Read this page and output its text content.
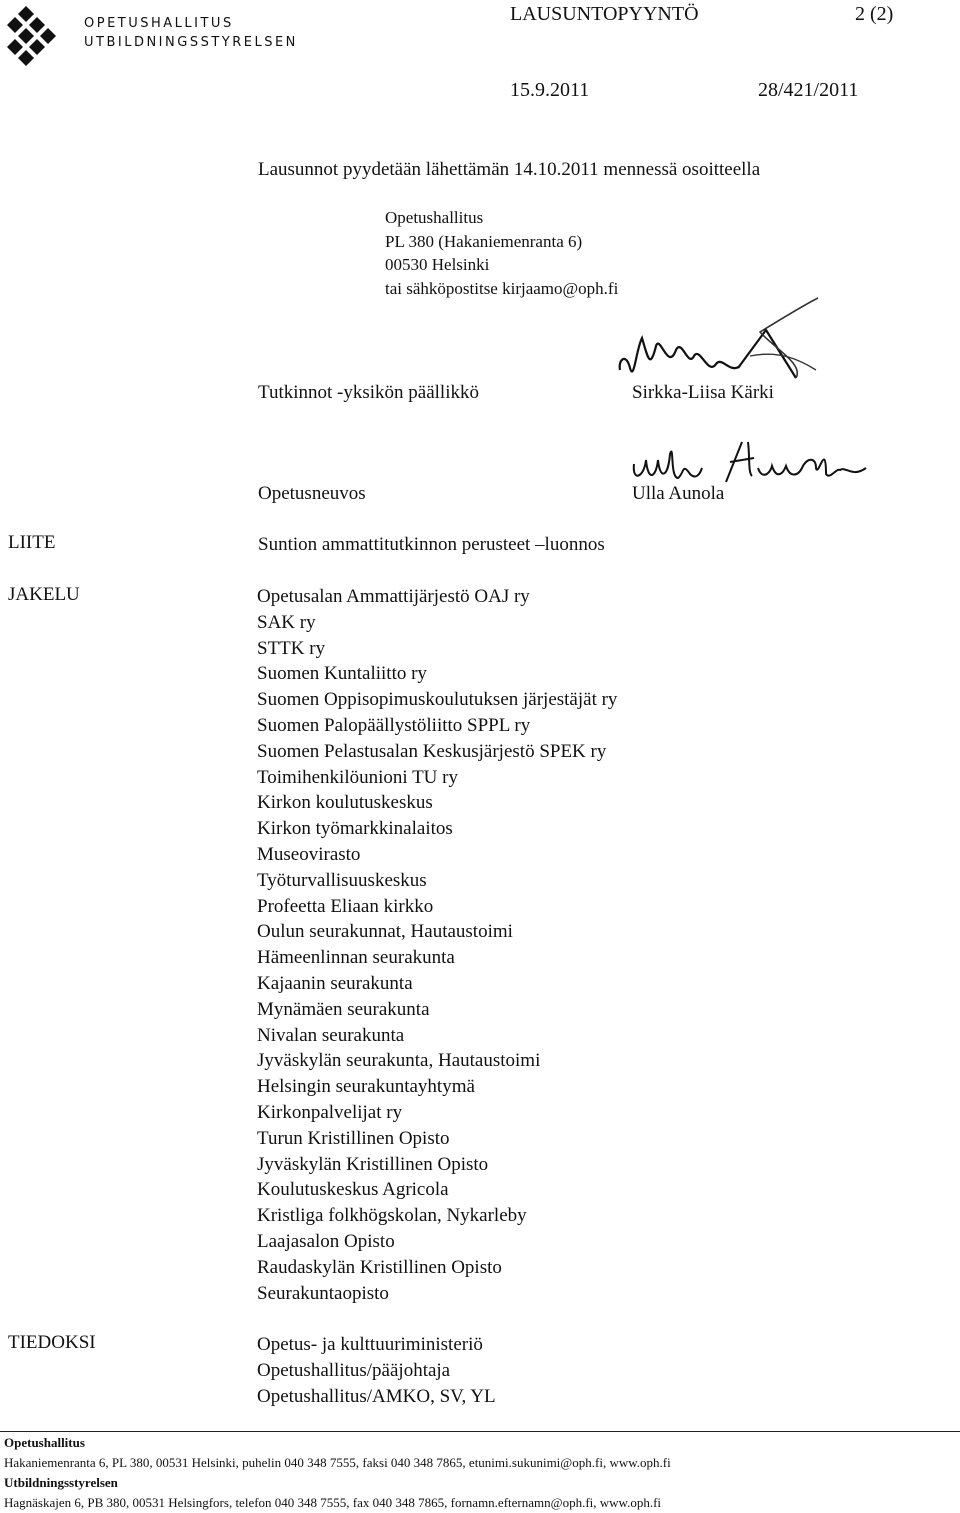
OPETUSHALLITUS
UTBILDNINGSSTYRELSEN
LAUSUNTOPYYNTÖ	2 (2)
15.9.2011	28/421/2011
Lausunnot pyydetään lähettämän 14.10.2011 mennessä osoitteella
Opetushallitus
PL 380 (Hakaniemenranta 6)
00530 Helsinki
tai sähköpostitse kirjaamo@oph.fi
Tutkinnot -yksikön päällikkö	Sirkka-Liisa Kärki
Opetusneuvos	Ulla Aunola
LIITE	Suntion ammattitutkinnon perusteet –luonnos
JAKELU	Opetusalan Ammattijärjestö OAJ ry
SAK ry
STTK ry
Suomen Kuntaliitto ry
Suomen Oppisopimuskoulutuksen järjestäjät ry
Suomen Palopäällystöliitto SPPL ry
Suomen Pelastusalan Keskusjärjestö SPEK ry
Toimihenkilöunioni TU ry
Kirkon koulutuskeskus
Kirkon työmarkkinalaitos
Museovirasto
Työturvallisuuskeskus
Profeetta Eliaan kirkko
Oulun seurakunnat, Hautaustoimi
Hämeenlinnan seurakunta
Kajaanin seurakunta
Mynämäen seurakunta
Nivalan seurakunta
Jyväskylän seurakunta, Hautaustoimi
Helsingin seurakuntayhtymä
Kirkonpalvelijat ry
Turun Kristillinen Opisto
Jyväskylän Kristillinen Opisto
Koulutuskeskus Agricola
Kristliga folkhögskolan, Nykarleby
Laajasalon Opisto
Raudaskylän Kristillinen Opisto
Seurakuntaopisto
TIEDOKSI	Opetus- ja kulttuuriministeriö
Opetushallitus/pääjohtaja
Opetushallitus/AMKO, SV, YL
Opetushallitus
Hakaniemenranta 6, PL 380, 00531 Helsinki, puhelin 040 348 7555, faksi 040 348 7865, etunimi.sukunimi@oph.fi, www.oph.fi
Utbildningsstyrelsen
Hagnäskajen 6, PB 380, 00531 Helsingfors, telefon 040 348 7555, fax 040 348 7865, fornamn.efternamn@oph.fi, www.oph.fi
